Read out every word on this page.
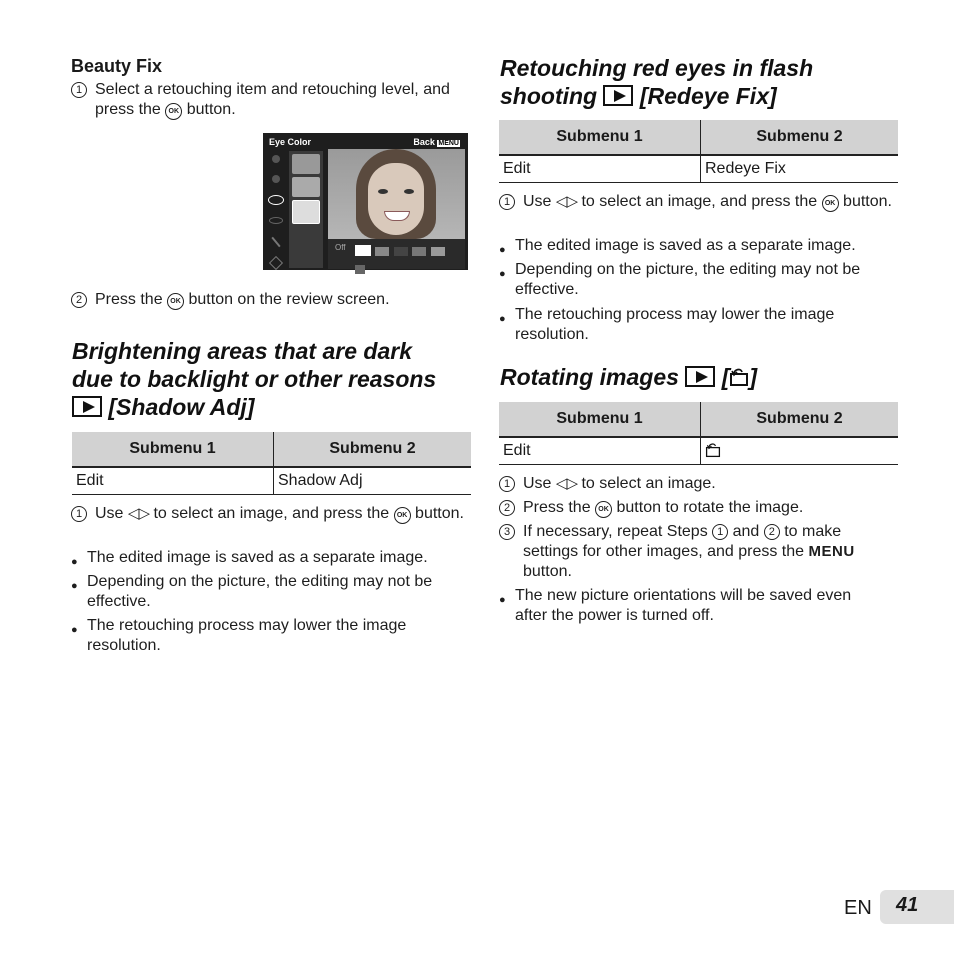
Beauty Fix
1 Select a retouching item and retouching level, and press the OK button.
Eye Color	Back MENU
Off

2 Press the OK button on the review screen.
Brightening areas that are dark
due to backlight or other reasons
[Shadow Adj]
Submenu 1	Submenu 2
Edit	Shadow Adj
1 Use ◁▷ to select an image, and press the OK button.
● The edited image is saved as a separate image.
● Depending on the picture, the editing may not be effective.
● The retouching process may lower the image resolution.
Retouching red eyes in flash
shooting [Redeye Fix]
Submenu 1	Submenu 2
Edit	Redeye Fix
1 Use ◁▷ to select an image, and press the OK button.
● The edited image is saved as a separate image.
● Depending on the picture, the editing may not be effective.
● The retouching process may lower the image resolution.
Rotating images [ ]
Submenu 1	Submenu 2
Edit	
1 Use ◁▷ to select an image.
2 Press the OK button to rotate the image.
3 If necessary, repeat Steps 1 and 2 to make settings for other images, and press the MENU button.
● The new picture orientations will be saved even after the power is turned off.
EN	41
